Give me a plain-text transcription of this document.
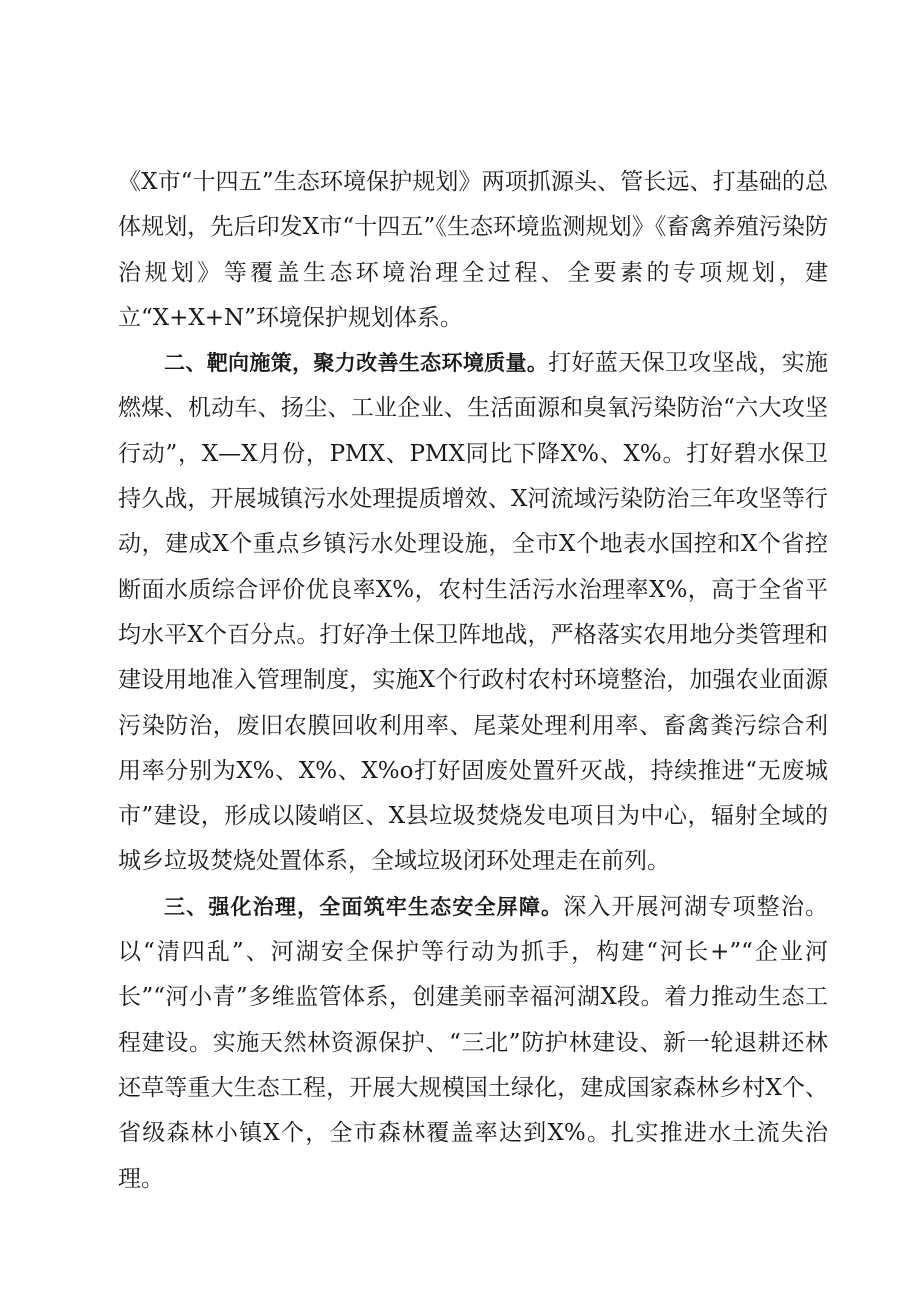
《X市“十四五”生态环境保护规划》两项抓源头、管长远、打基础的总体规划，先后印发X市“十四五”《生态环境监测规划》《畜禽养殖污染防治规划》等覆盖生态环境治理全过程、全要素的专项规划，建立“X+X+N”环境保护规划体系。

二、靶向施策，聚力改善生态环境质量。打好蓝天保卫攻坚战，实施燃煤、机动车、扬尘、工业企业、生活面源和臭氧污染防治“六大攻坚行动”，X—X月份，PMX、PMX同比下降X%、X%。打好碧水保卫持久战，开展城镇污水处理提质增效、X河流域污染防治三年攻坚等行动，建成X个重点乡镇污水处理设施，全市X个地表水国控和X个省控断面水质综合评价优良率X%，农村生活污水治理率X%，高于全省平均水平X个百分点。打好净土保卫阵地战，严格落实农用地分类管理和建设用地准入管理制度，实施X个行政村农村环境整治，加强农业面源污染防治，废旧农膜回收利用率、尾菜处理利用率、畜禽粪污综合利用率分别为X%、X%、X%o打好固废处置歼灭战，持续推进“无废城市”建设，形成以陵峭区、X县垃圾焚烧发电项目为中心，辐射全域的城乡垃圾焚烧处置体系，全域垃圾闭环处理走在前列。

三、强化治理，全面筑牢生态安全屏障。深入开展河湖专项整治。以“清四乱”、河湖安全保护等行动为抓手，构建“河长+”“企业河长”“河小青”多维监管体系，创建美丽幸福河湖X段。着力推动生态工程建设。实施天然林资源保护、“三北”防护林建设、新一轮退耕还林还草等重大生态工程，开展大规模国土绿化，建成国家森林乡村X个、省级森林小镇X个，全市森林覆盖率达到X%。扎实推进水土流失治理。
